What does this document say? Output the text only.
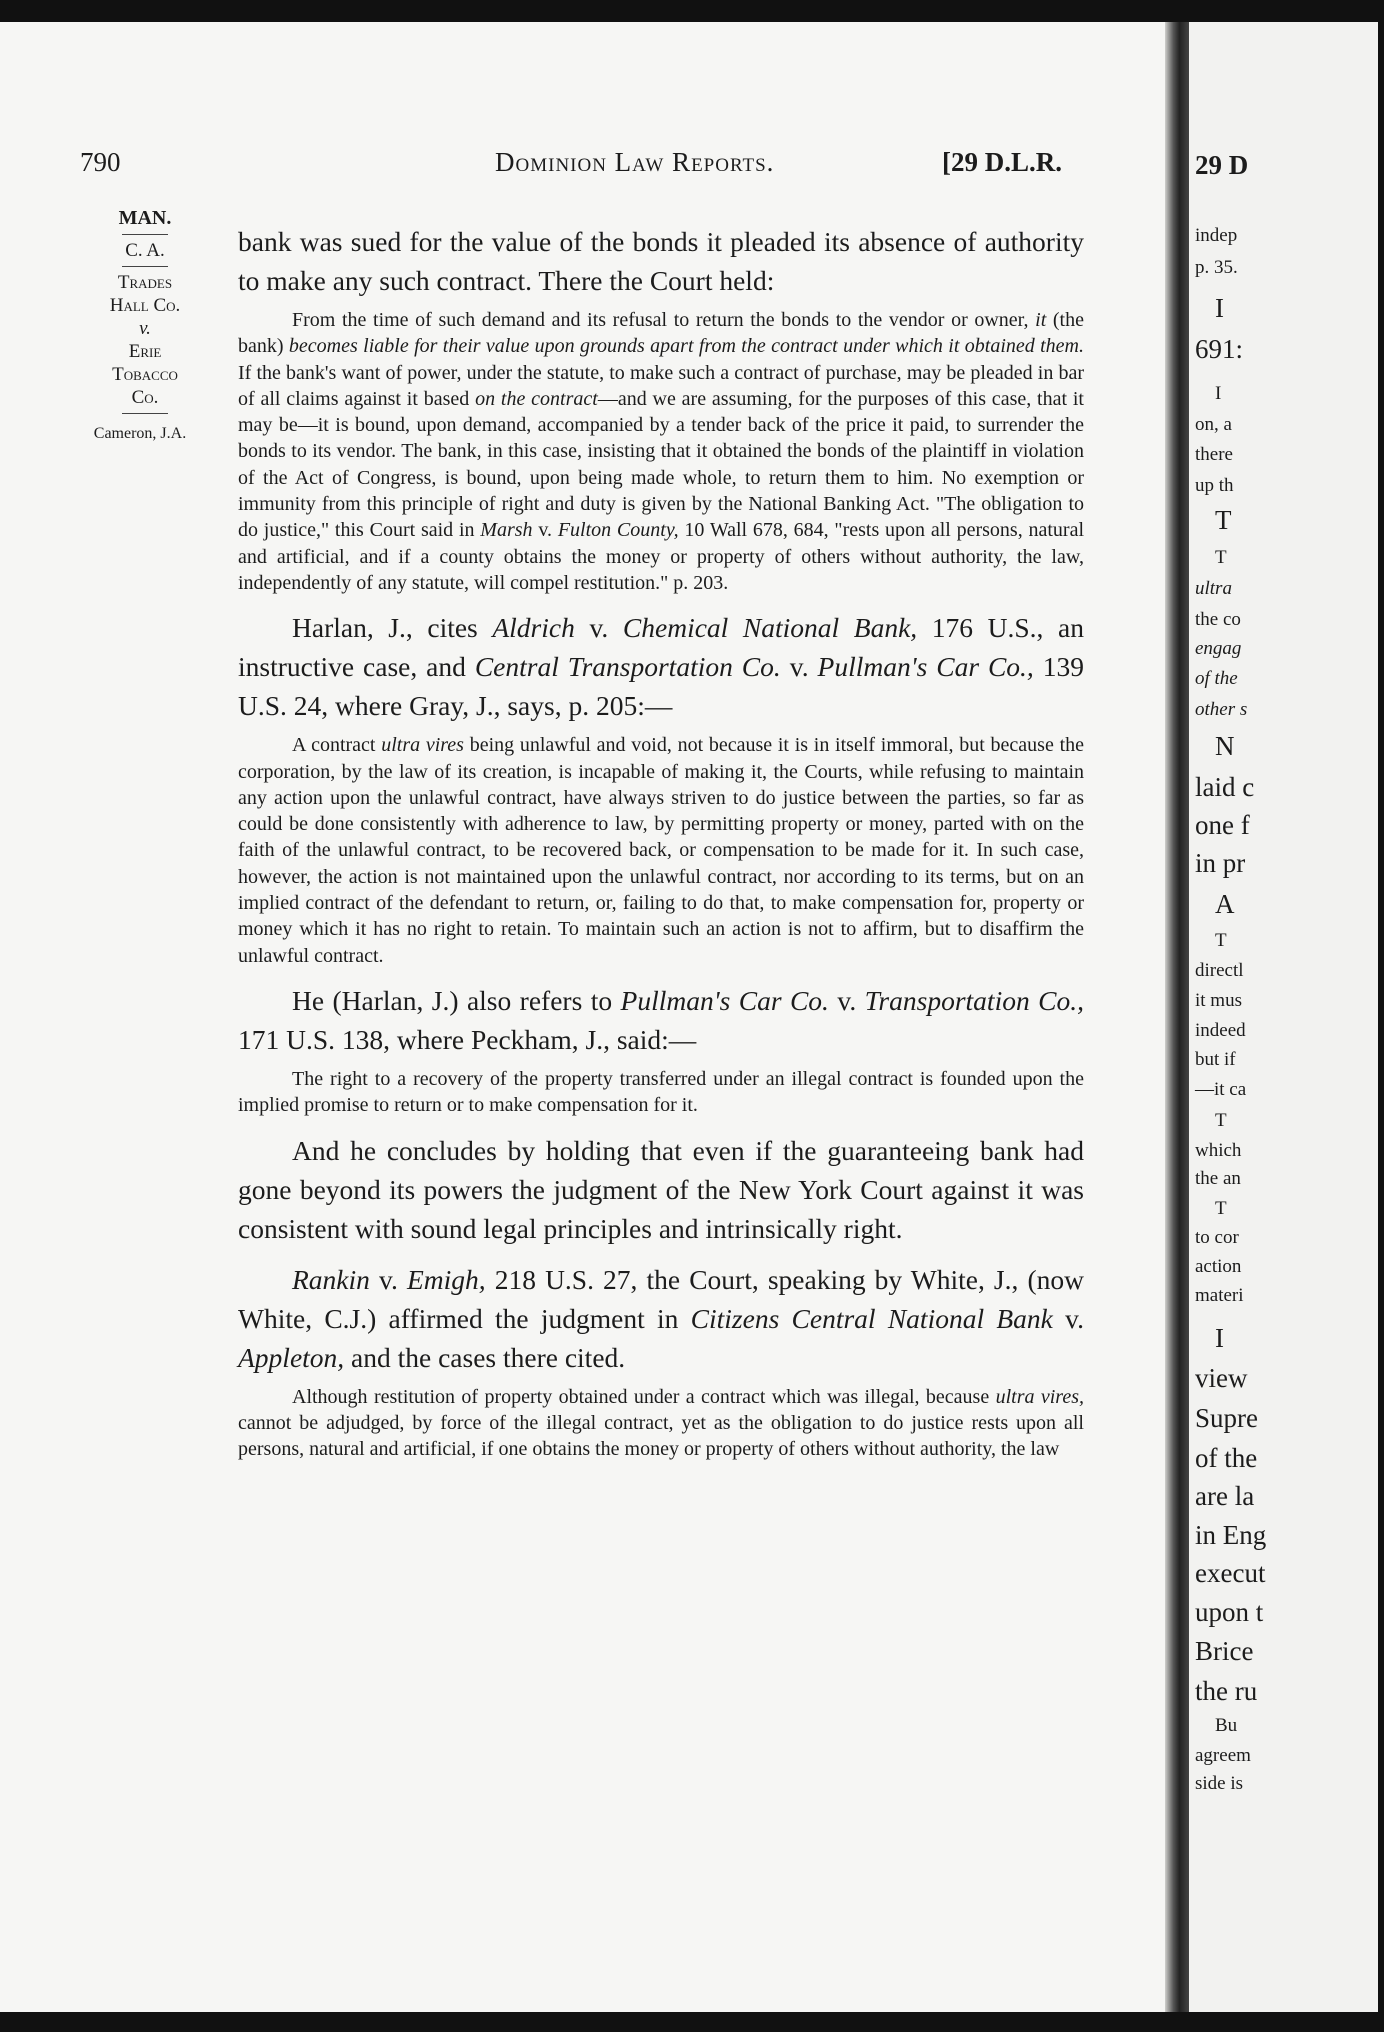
790	Dominion Law Reports.	[29 D.L.R.
MAN.
C. A.
Trades
Hall Co.
v.
Erie
Tobacco
Co.
Cameron, J.A.

bank was sued for the value of the bonds it pleaded its absence of authority to make any such contract. There the Court held:

From the time of such demand and its refusal to return the bonds to the vendor or owner, it (the bank) becomes liable for their value upon grounds apart from the contract under which it obtained them. If the bank's want of power, under the statute, to make such a contract of purchase, may be pleaded in bar of all claims against it based on the contract—and we are assuming, for the purposes of this case, that it may be—it is bound, upon demand, accompanied by a tender back of the price it paid, to surrender the bonds to its vendor. The bank, in this case, insisting that it obtained the bonds of the plaintiff in violation of the Act of Congress, is bound, upon being made whole, to return them to him. No exemption or immunity from this principle of right and duty is given by the National Banking Act. "The obligation to do justice," this Court said in Marsh v. Fulton County, 10 Wall 678, 684, "rests upon all persons, natural and artificial, and if a county obtains the money or property of others without authority, the law, independently of any statute, will compel restitution." p. 203.

Harlan, J., cites Aldrich v. Chemical National Bank, 176 U.S., an instructive case, and Central Transportation Co. v. Pullman's Car Co., 139 U.S. 24, where Gray, J., says, p. 205:—

A contract ultra vires being unlawful and void, not because it is in itself immoral, but because the corporation, by the law of its creation, is incapable of making it, the Courts, while refusing to maintain any action upon the unlawful contract, have always striven to do justice between the parties, so far as could be done consistently with adherence to law, by permitting property or money, parted with on the faith of the unlawful contract, to be recovered back, or compensation to be made for it. In such case, however, the action is not maintained upon the unlawful contract, nor according to its terms, but on an implied contract of the defendant to return, or, failing to do that, to make compensation for, property or money which it has no right to retain. To maintain such an action is not to affirm, but to disaffirm the unlawful contract.

He (Harlan, J.) also refers to Pullman's Car Co. v. Transportation Co., 171 U.S. 138, where Peckham, J., said:—

The right to a recovery of the property transferred under an illegal contract is founded upon the implied promise to return or to make compensation for it.

And he concludes by holding that even if the guaranteeing bank had gone beyond its powers the judgment of the New York Court against it was consistent with sound legal principles and intrinsically right.

Rankin v. Emigh, 218 U.S. 27, the Court, speaking by White, J., (now White, C.J.) affirmed the judgment in Citizens Central National Bank v. Appleton, and the cases there cited.

Although restitution of property obtained under a contract which was illegal, because ultra vires, cannot be adjudged, by force of the illegal contract, yet as the obligation to do justice rests upon all persons, natural and artificial, if one obtains the money or property of others without authority, the law

29 D
indep
p. 35.
I
691:
I
on, a
there
up th
T
T
ultra
the co
engag
of the
other s
N
laid c
one f
in pr
A
T
directl
it mus
indeed
but if
—it ca
T
which
the an
T
to cor
action
materi
I
view
Supre
of the
are la
in Eng
execut
upon t
Brice
the ru
Bu
agreem
side is
